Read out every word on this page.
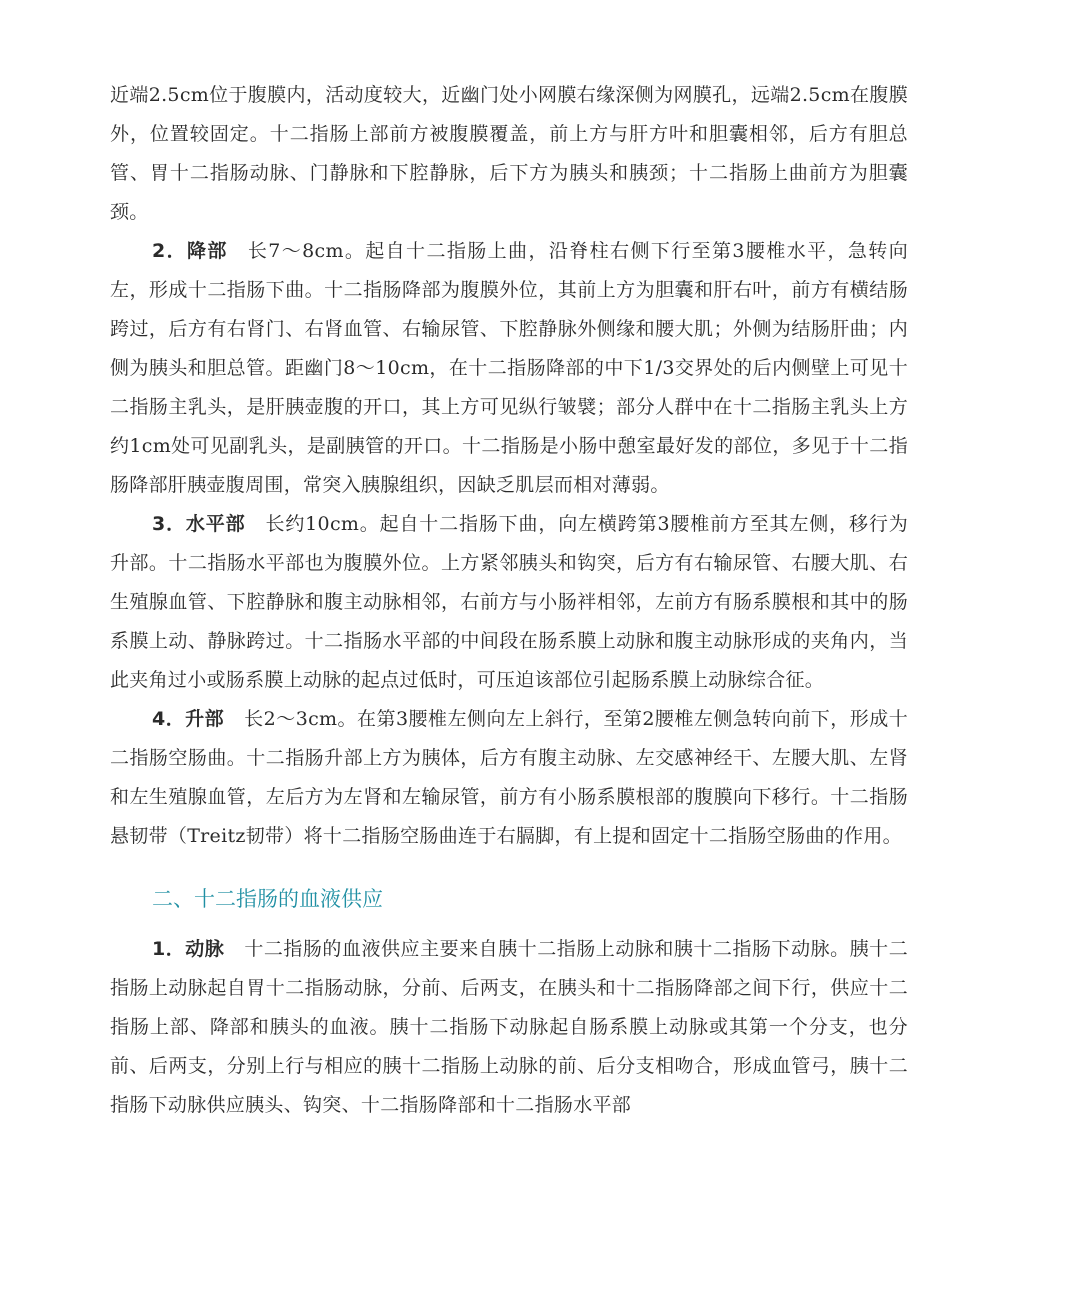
近端2.5cm位于腹膜内，活动度较大，近幽门处小网膜右缘深侧为网膜孔，远端2.5cm在腹膜外，位置较固定。十二指肠上部前方被腹膜覆盖，前上方与肝方叶和胆囊相邻，后方有胆总管、胃十二指肠动脉、门静脉和下腔静脉，后下方为胰头和胰颈；十二指肠上曲前方为胆囊颈。

2．降部 长7～8cm。起自十二指肠上曲，沿脊柱右侧下行至第3腰椎水平，急转向左，形成十二指肠下曲。十二指肠降部为腹膜外位，其前上方为胆囊和肝右叶，前方有横结肠跨过，后方有右肾门、右肾血管、右输尿管、下腔静脉外侧缘和腰大肌；外侧为结肠肝曲；内侧为胰头和胆总管。距幽门8～10cm，在十二指肠降部的中下1/3交界处的后内侧壁上可见十二指肠主乳头，是肝胰壶腹的开口，其上方可见纵行皱襞；部分人群中在十二指肠主乳头上方约1cm处可见副乳头，是副胰管的开口。十二指肠是小肠中憩室最好发的部位，多见于十二指肠降部肝胰壶腹周围，常突入胰腺组织，因缺乏肌层而相对薄弱。

3．水平部 长约10cm。起自十二指肠下曲，向左横跨第3腰椎前方至其左侧，移行为升部。十二指肠水平部也为腹膜外位。上方紧邻胰头和钩突，后方有右输尿管、右腰大肌、右生殖腺血管、下腔静脉和腹主动脉相邻，右前方与小肠袢相邻，左前方有肠系膜根和其中的肠系膜上动、静脉跨过。十二指肠水平部的中间段在肠系膜上动脉和腹主动脉形成的夹角内，当此夹角过小或肠系膜上动脉的起点过低时，可压迫该部位引起肠系膜上动脉综合征。

4．升部 长2～3cm。在第3腰椎左侧向左上斜行，至第2腰椎左侧急转向前下，形成十二指肠空肠曲。十二指肠升部上方为胰体，后方有腹主动脉、左交感神经干、左腰大肌、左肾和左生殖腺血管，左后方为左肾和左输尿管，前方有小肠系膜根部的腹膜向下移行。十二指肠悬韧带（Treitz韧带）将十二指肠空肠曲连于右膈脚，有上提和固定十二指肠空肠曲的作用。

二、十二指肠的血液供应

1．动脉 十二指肠的血液供应主要来自胰十二指肠上动脉和胰十二指肠下动脉。胰十二指肠上动脉起自胃十二指肠动脉，分前、后两支，在胰头和十二指肠降部之间下行，供应十二指肠上部、降部和胰头的血液。胰十二指肠下动脉起自肠系膜上动脉或其第一个分支，也分前、后两支，分别上行与相应的胰十二指肠上动脉的前、后分支相吻合，形成血管弓，胰十二指肠下动脉供应胰头、钩突、十二指肠降部和十二指肠水平部
